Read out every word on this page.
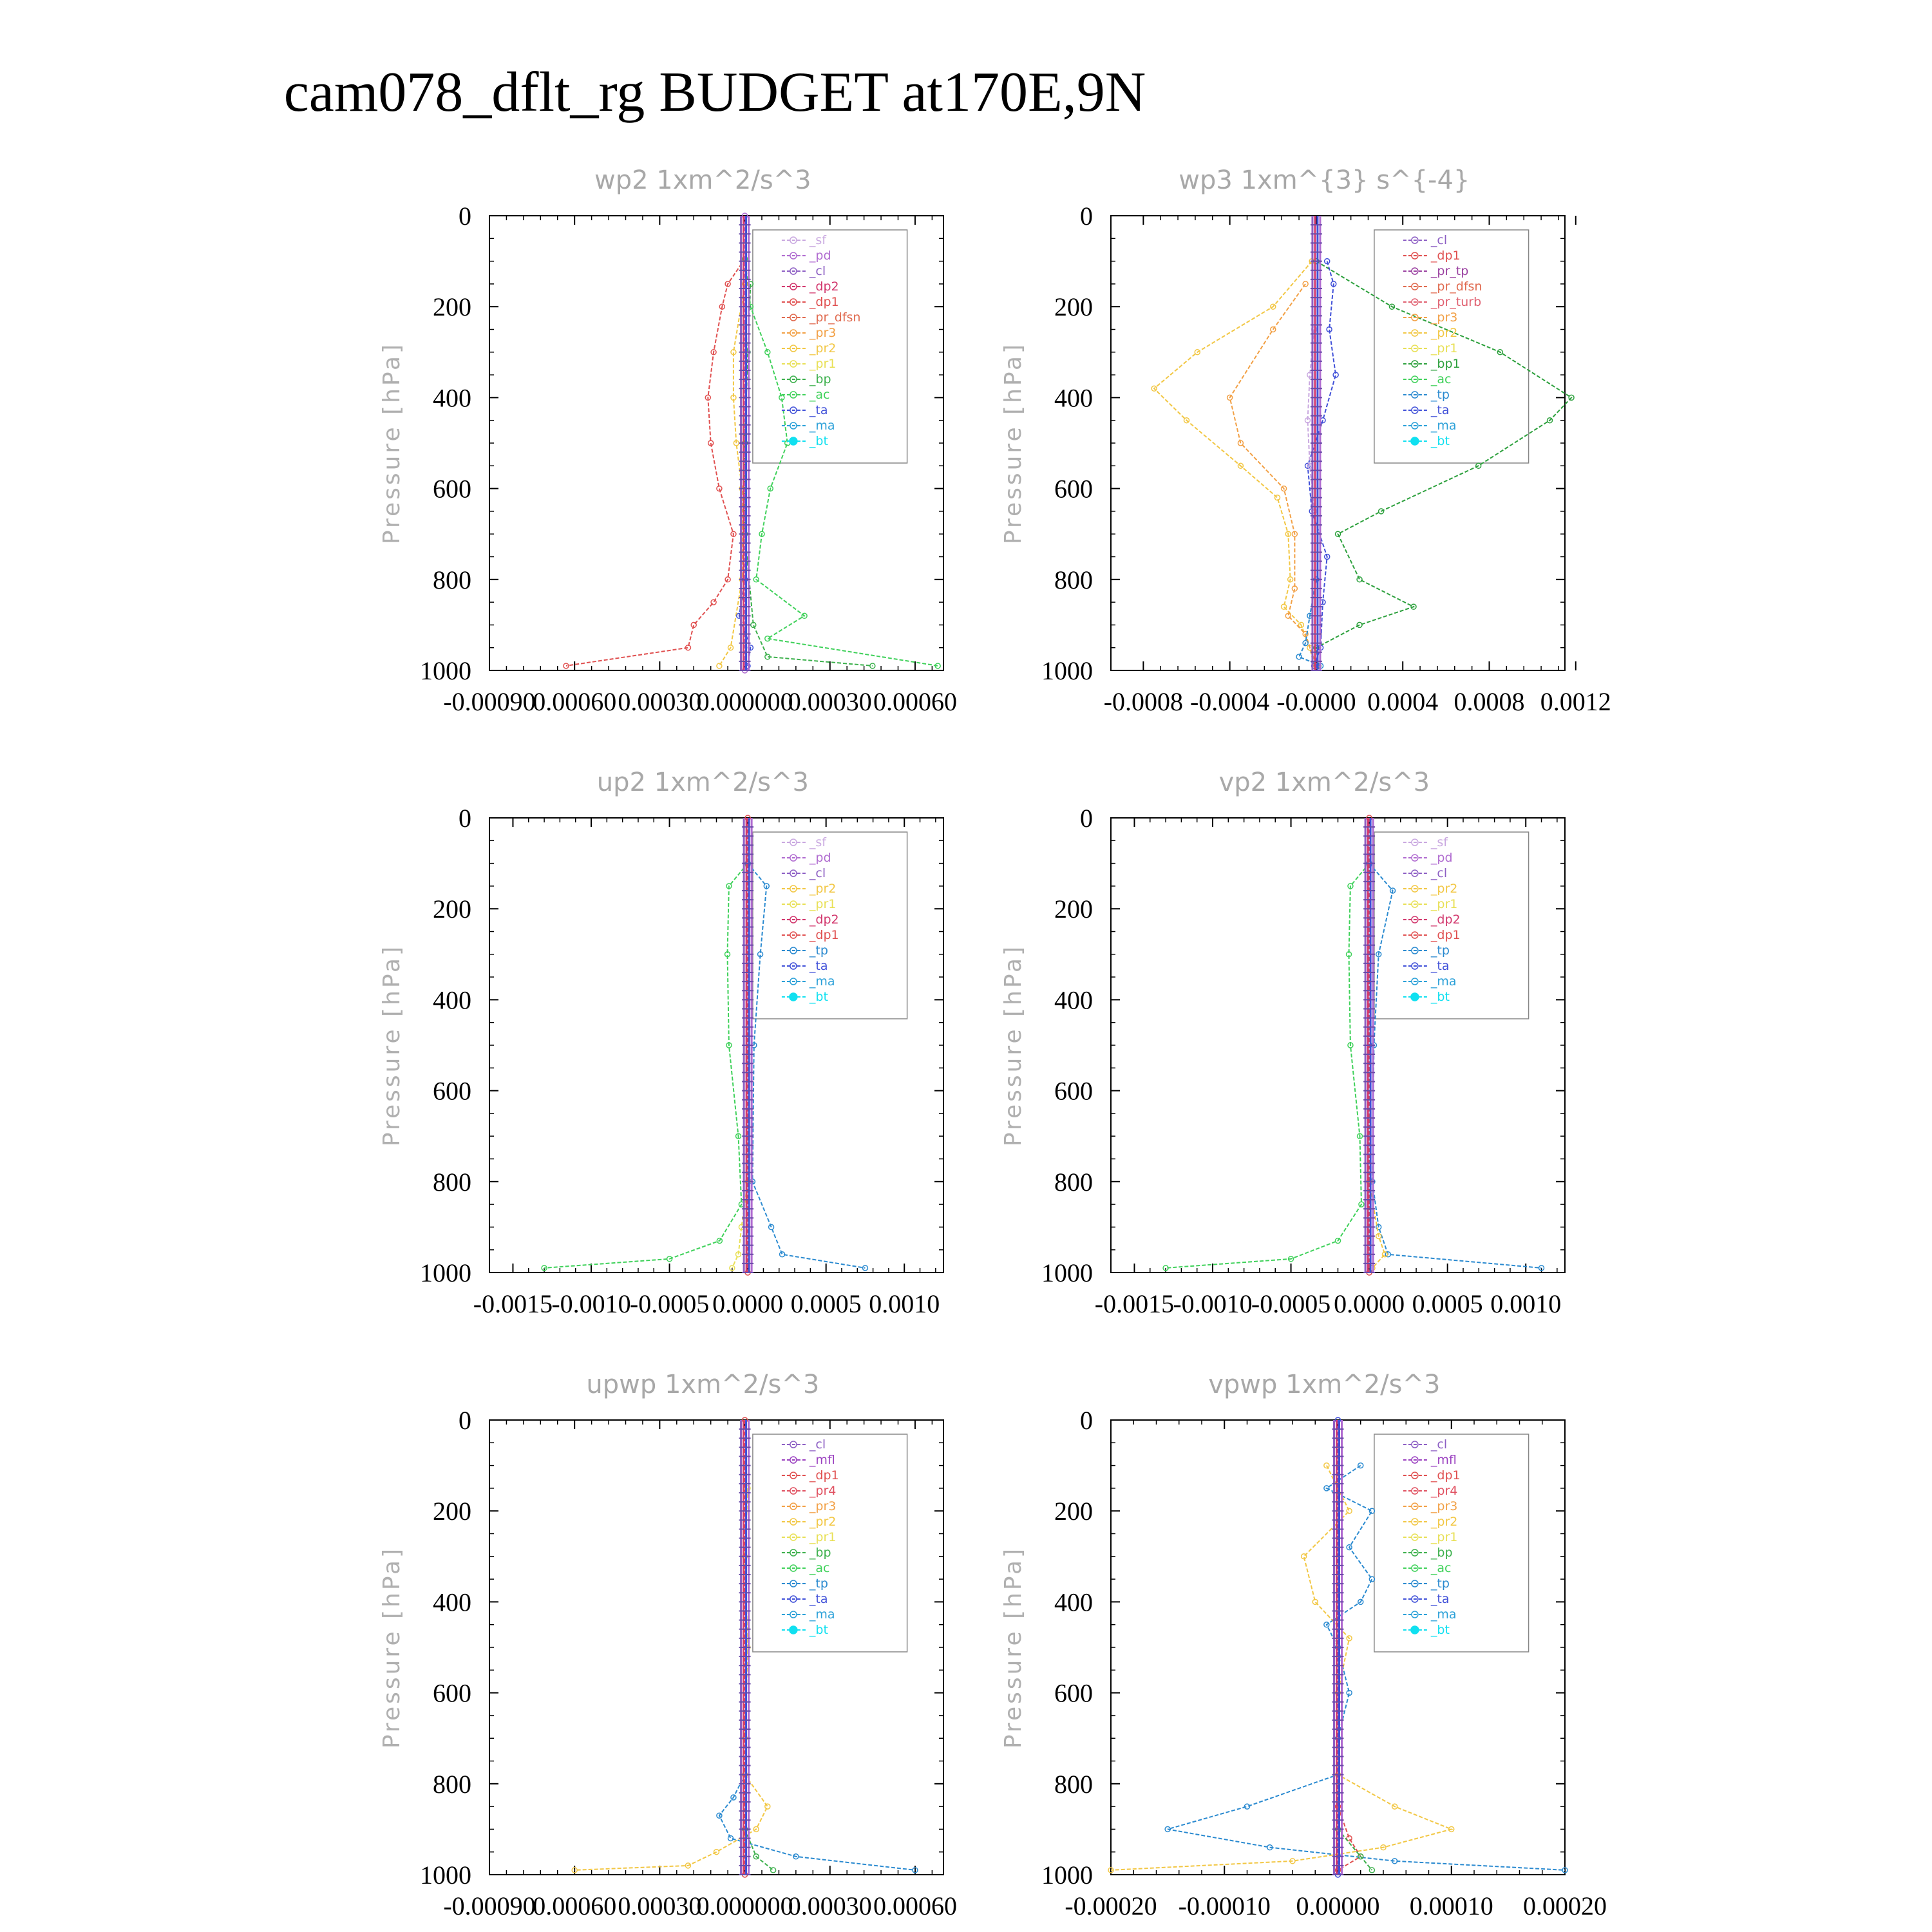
cam078_dflt_rg BUDGET at170E,9N
wp2 1xm^2/s^3
Pressure [hPa]
0
200
400
600
800
1000
-0.00090
0.00060 0.00030
0.000000
0.00030 0.00060
_sf
_pd
_cl
_dp2
_dp1
_pr_dfsn
_pr3
_pr2
_pr1
_bp
_ac
_ta
_ma
_bt
wp3 1xm^{3} s^{-4}
Pressure [hPa]
0
200
400
600
800
1000
-0.0008 -0.0004 -0.0000 0.0004 0.0008 0.0012
_cl
_dp1
_pr_tp
_pr_dfsn
_pr_turb
_pr3
_pr2
_pr1
_bp1
_ac
_tp
_ta
_ma
_bt
up2 1xm^2/s^3
Pressure [hPa]
0
200
400
600
800
1000
-0.0015
-0.0010
-0.0005 0.0000 0.0005 0.0010
_sf
_pd
_cl
_pr2
_pr1
_dp2
_dp1
_tp
_ta
_ma
_bt
vp2 1xm^2/s^3
Pressure [hPa]
0
200
400
600
800
1000
-0.0015
-0.0010
-0.0005 0.0000 0.0005 0.0010
_sf
_pd
_cl
_pr2
_pr1
_dp2
_dp1
_tp
_ta
_ma
_bt
upwp 1xm^2/s^3
Pressure [hPa]
0
200
400
600
800
1000
-0.00090
0.00060 0.00030
0.000000
0.00030 0.00060
_cl
_mfl
_dp1
_pr4
_pr3
_pr2
_pr1
_bp
_ac
_tp
_ta
_ma
_bt
vpwp 1xm^2/s^3
Pressure [hPa]
0
200
400
600
800
1000
-0.00020 -0.00010 0.00000 0.00010 0.00020
_cl
_mfl
_dp1
_pr4
_pr3
_pr2
_pr1
_bp
_ac
_tp
_ta
_ma
_bt
